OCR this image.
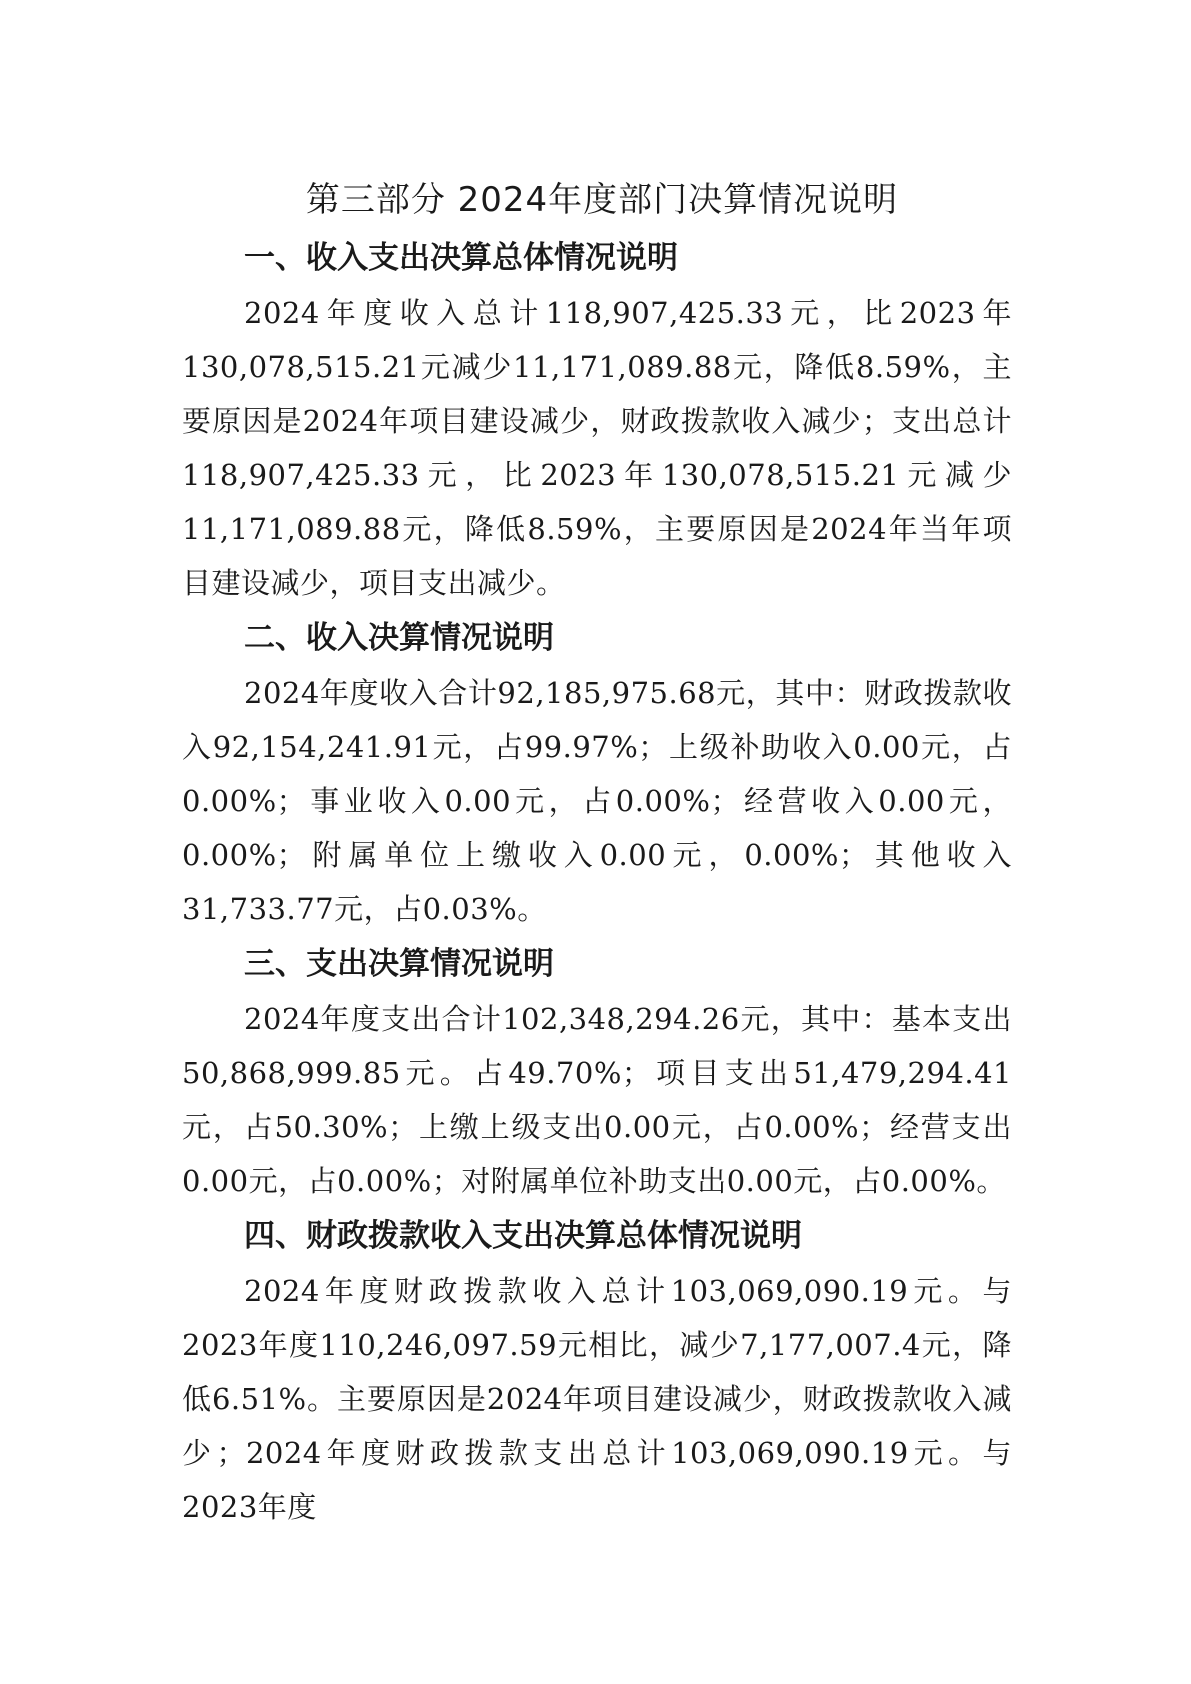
第三部分 2024年度部门决算情况说明
一、收入支出决算总体情况说明

2024年度收入总计118,907,425.33元，比2023年130,078,515.21元减少11,171,089.88元，降低8.59%，主要原因是2024年项目建设减少，财政拨款收入减少；支出总计118,907,425.33元，比2023年130,078,515.21元减少11,171,089.88元，降低8.59%，主要原因是2024年当年项目建设减少，项目支出减少。

二、收入决算情况说明

2024年度收入合计92,185,975.68元，其中：财政拨款收入92,154,241.91元，占99.97%；上级补助收入0.00元，占0.00%；事业收入0.00元，占0.00%；经营收入0.00元，0.00%；附属单位上缴收入0.00元，0.00%；其他收入31,733.77元，占0.03%。

三、支出决算情况说明

2024年度支出合计102,348,294.26元，其中：基本支出50,868,999.85元。占49.70%；项目支出51,479,294.41元，占50.30%；上缴上级支出0.00元，占0.00%；经营支出0.00元，占0.00%；对附属单位补助支出0.00元，占0.00%。

四、财政拨款收入支出决算总体情况说明

2024年度财政拨款收入总计103,069,090.19元。与2023年度110,246,097.59元相比，减少7,177,007.4元，降低6.51%。主要原因是2024年项目建设减少，财政拨款收入减少；2024年度财政拨款支出总计103,069,090.19元。与2023年度
